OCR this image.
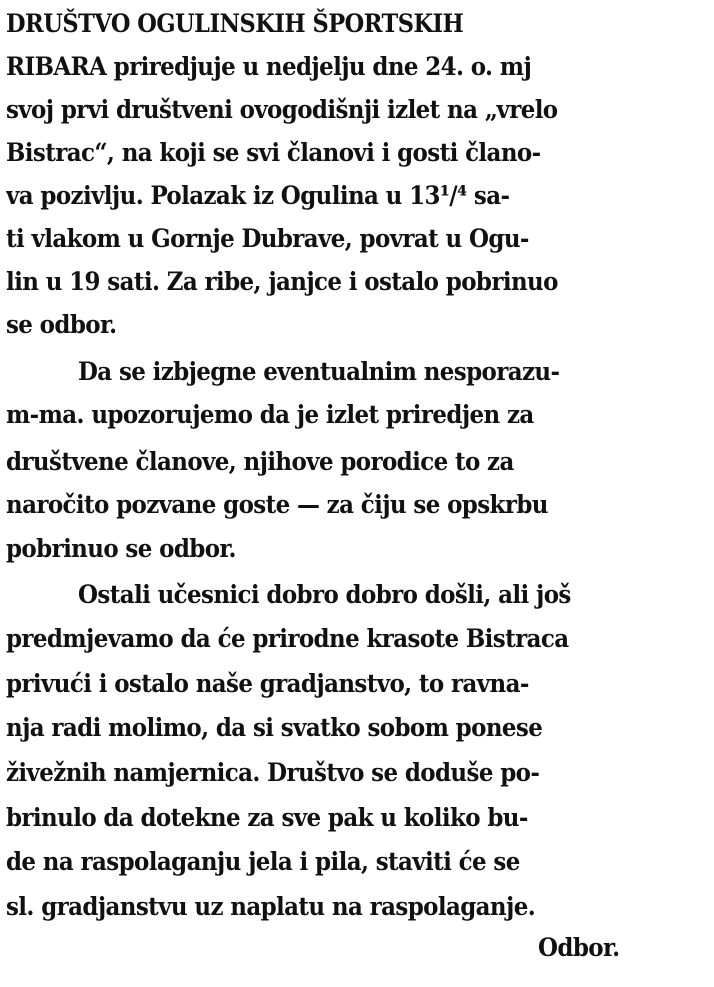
DRUŠTVO OGULINSKIH ŠPORTSKIH
RIBARA priredjuje u nedjelju dne 24. o. mj
svoj prvi društveni ovogodišnji izlet na „vrelo
Bistrac“, na koji se svi članovi i gosti člano-
va pozivlju. Polazak iz Ogulina u 13¹/⁴ sa-
ti vlakom u Gornje Dubrave, povrat u Ogu-
lin u 19 sati. Za ribe, janjce i ostalo pobrinuo
se odbor.
Da se izbjegne eventualnim nesporazu-
m-ma. upozorujemo da je izlet priredjen za
društvene članove, njihove porodice to za
naročito pozvane goste — za čiju se opskrbu
pobrinuo se odbor.
Ostali učesnici dobro dobro došli, ali još
predmjevamo da će prirodne krasote Bistraca
privući i ostalo naše gradjanstvo, to ravna-
nja radi molimo, da si svatko sobom ponese
živežnih namjernica. Društvo se doduše po-
brinulo da dotekne za sve pak u koliko bu-
de na raspolaganju jela i pila, staviti će se
sl. gradjanstvu uz naplatu na raspolaganje.
Odbor.
